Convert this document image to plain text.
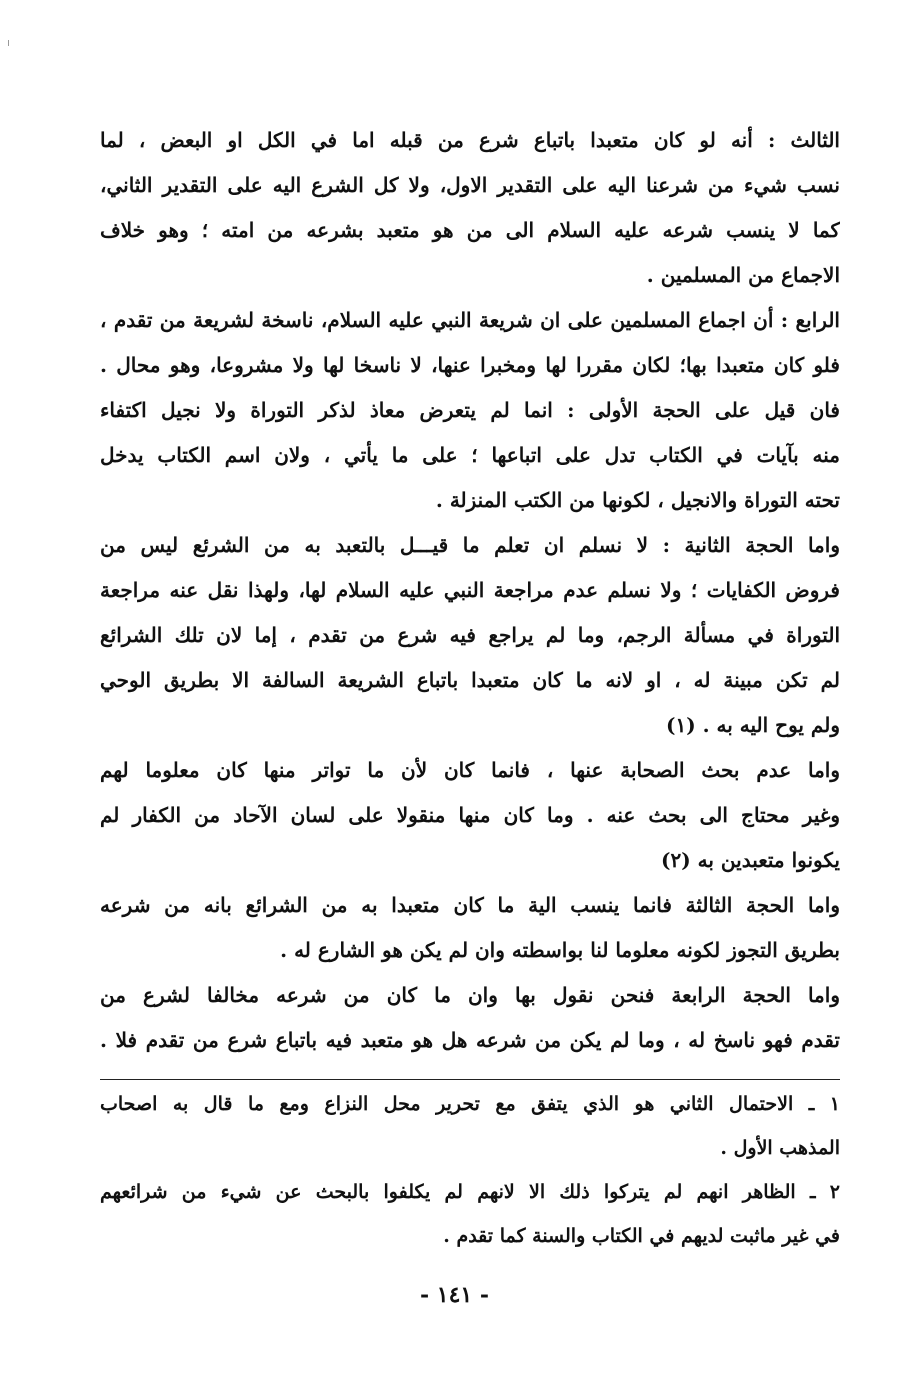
الثالث : أنه لو كان متعبدا باتباع شرع من قبله اما في الكل او البعض ، لما
نسب شيء من شرعنا اليه على التقدير الاول، ولا كل الشرع اليه على التقدير الثاني،
كما لا ينسب شرعه عليه السلام الى من هو متعبد بشرعه من امته ؛ وهو خلاف
الاجماع من المسلمين .
الرابع : أن اجماع المسلمين على ان شريعة النبي عليه السلام، ناسخة لشريعة من تقدم ،
فلو كان متعبدا بها؛ لكان مقررا لها ومخبرا عنها، لا ناسخا لها ولا مشروعا، وهو محال .
فان قيل على الحجة الأولى : انما لم يتعرض معاذ لذكر التوراة ولا نجيل اكتفاء
منه بآيات في الكتاب تدل على اتباعها ؛ على ما يأتي ، ولان اسم الكتاب يدخل
تحته التوراة والانجيل ، لكونها من الكتب المنزلة .
واما الحجة الثانية : لا نسلم ان تعلم ما قيـــل بالتعبد به من الشرئع ليس من
فروض الكفايات ؛ ولا نسلم عدم مراجعة النبي عليه السلام لها، ولهذا نقل عنه مراجعة
التوراة في مسألة الرجم، وما لم يراجع فيه شرع من تقدم ، إما لان تلك الشرائع
لم تكن مبينة له ، او لانه ما كان متعبدا باتباع الشريعة السالفة الا بطريق الوحي
ولم يوح اليه به . (١)
واما عدم بحث الصحابة عنها ، فانما كان لأن ما تواتر منها كان معلوما لهم
وغير محتاج الى بحث عنه . وما كان منها منقولا على لسان الآحاد من الكفار لم
يكونوا متعبدين به (٢)
واما الحجة الثالثة فانما ينسب الية ما كان متعبدا به من الشرائع بانه من شرعه
بطريق التجوز لكونه معلوما لنا بواسطته وان لم يكن هو الشارع له .
واما الحجة الرابعة فنحن نقول بها وان ما كان من شرعه مخالفا لشرع من
تقدم فهو ناسخ له ، وما لم يكن من شرعه هل هو متعبد فيه باتباع شرع من تقدم فلا .
١ ـ الاحتمال الثاني هو الذي يتفق مع تحرير محل النزاع ومع ما قال به اصحاب
المذهب الأول .
٢ ـ الظاهر انهم لم يتركوا ذلك الا لانهم لم يكلفوا بالبحث عن شيء من شرائعهم
في غير ماثبت لديهم في الكتاب والسنة كما تقدم .
- ١٤١ -
